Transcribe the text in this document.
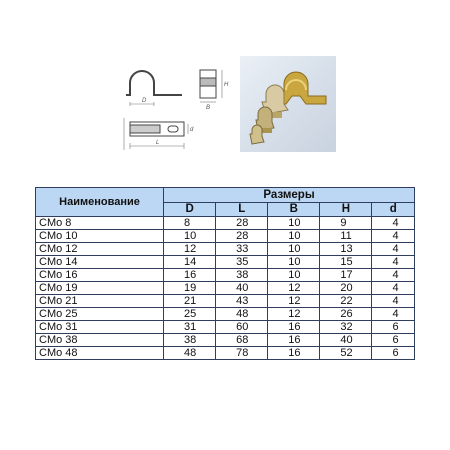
D
B
H
L
d
Наименование	Размеры				
	D	L	B	H	d
CMo 8	8	28	10	9	4
CMo 10	10	28	10	11	4
CMo 12	12	33	10	13	4
CMo 14	14	35	10	15	4
CMo 16	16	38	10	17	4
CMo 19	19	40	12	20	4
CMo 21	21	43	12	22	4
CMo 25	25	48	12	26	4
CMo 31	31	60	16	32	6
CMo 38	38	68	16	40	6
CMo 48	48	78	16	52	6
